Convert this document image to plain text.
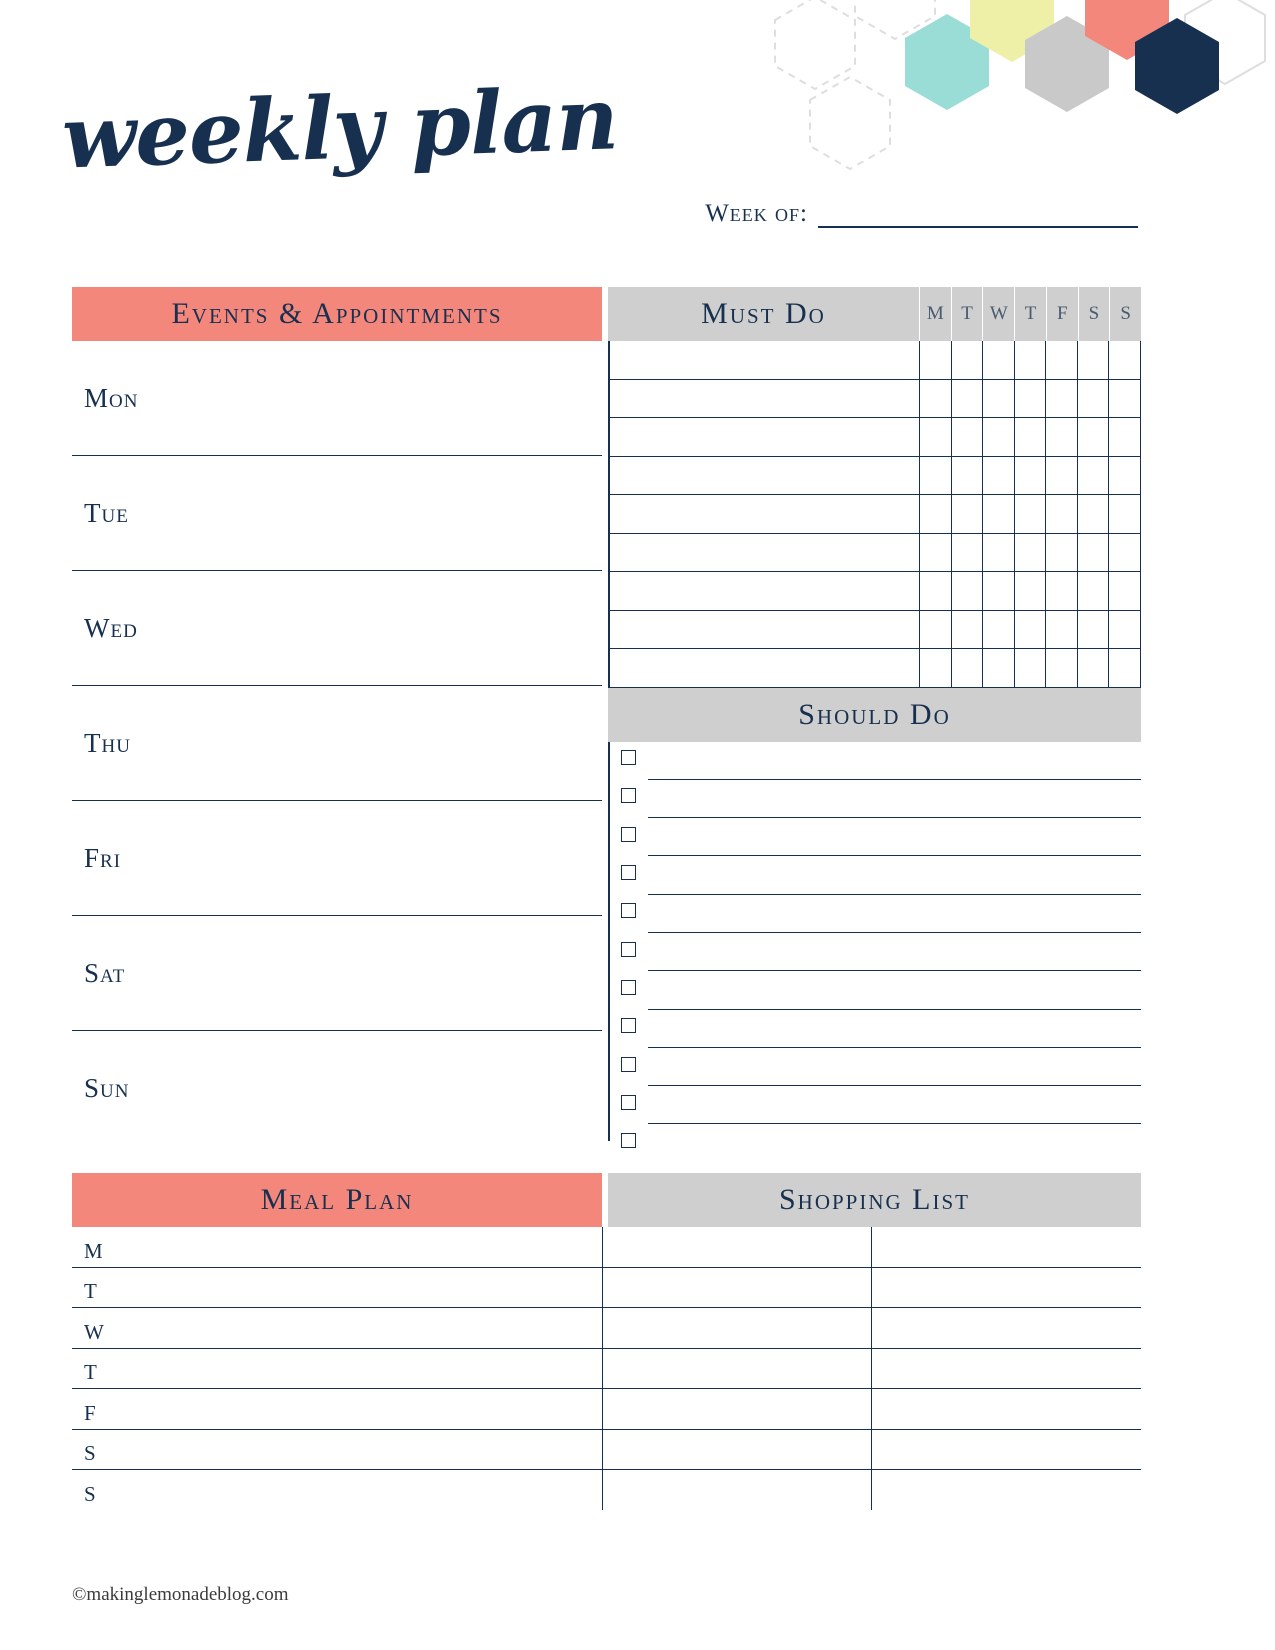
weekly plan
Week of:
Events & Appointments
Mon
Tue
Wed
Thu
Fri
Sat
Sun
Must Do	M T W T	F	S	S
Should Do
Meal Plan	Shopping List
M
T
W
T
F
S
S
©makinglemonadeblog.com
